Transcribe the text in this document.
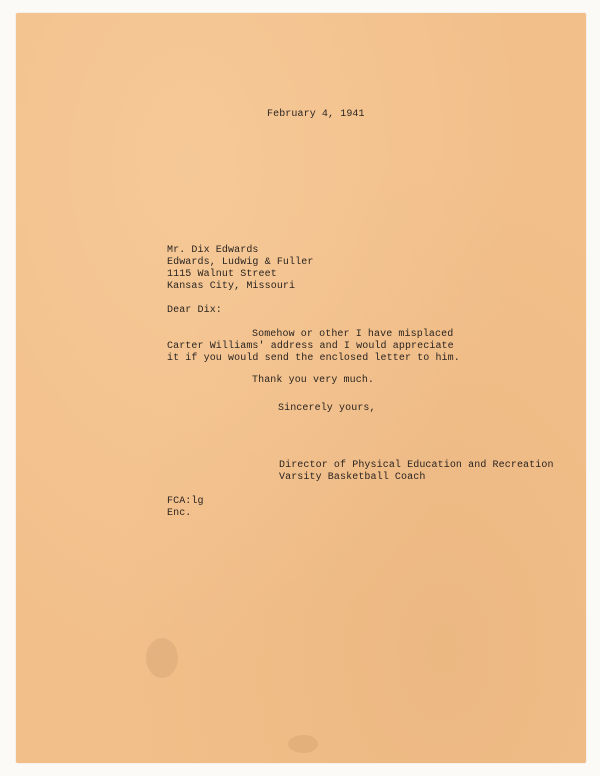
February 4, 1941
Mr. Dix Edwards
Edwards, Ludwig & Fuller
1115 Walnut Street
Kansas City, Missouri
Dear Dix:
Somehow or other I have misplaced
Carter Williams' address and I would appreciate
it if you would send the enclosed letter to him.
Thank you very much.
Sincerely yours,
Director of Physical Education and Recreation
Varsity Basketball Coach
FCA:lg
Enc.
